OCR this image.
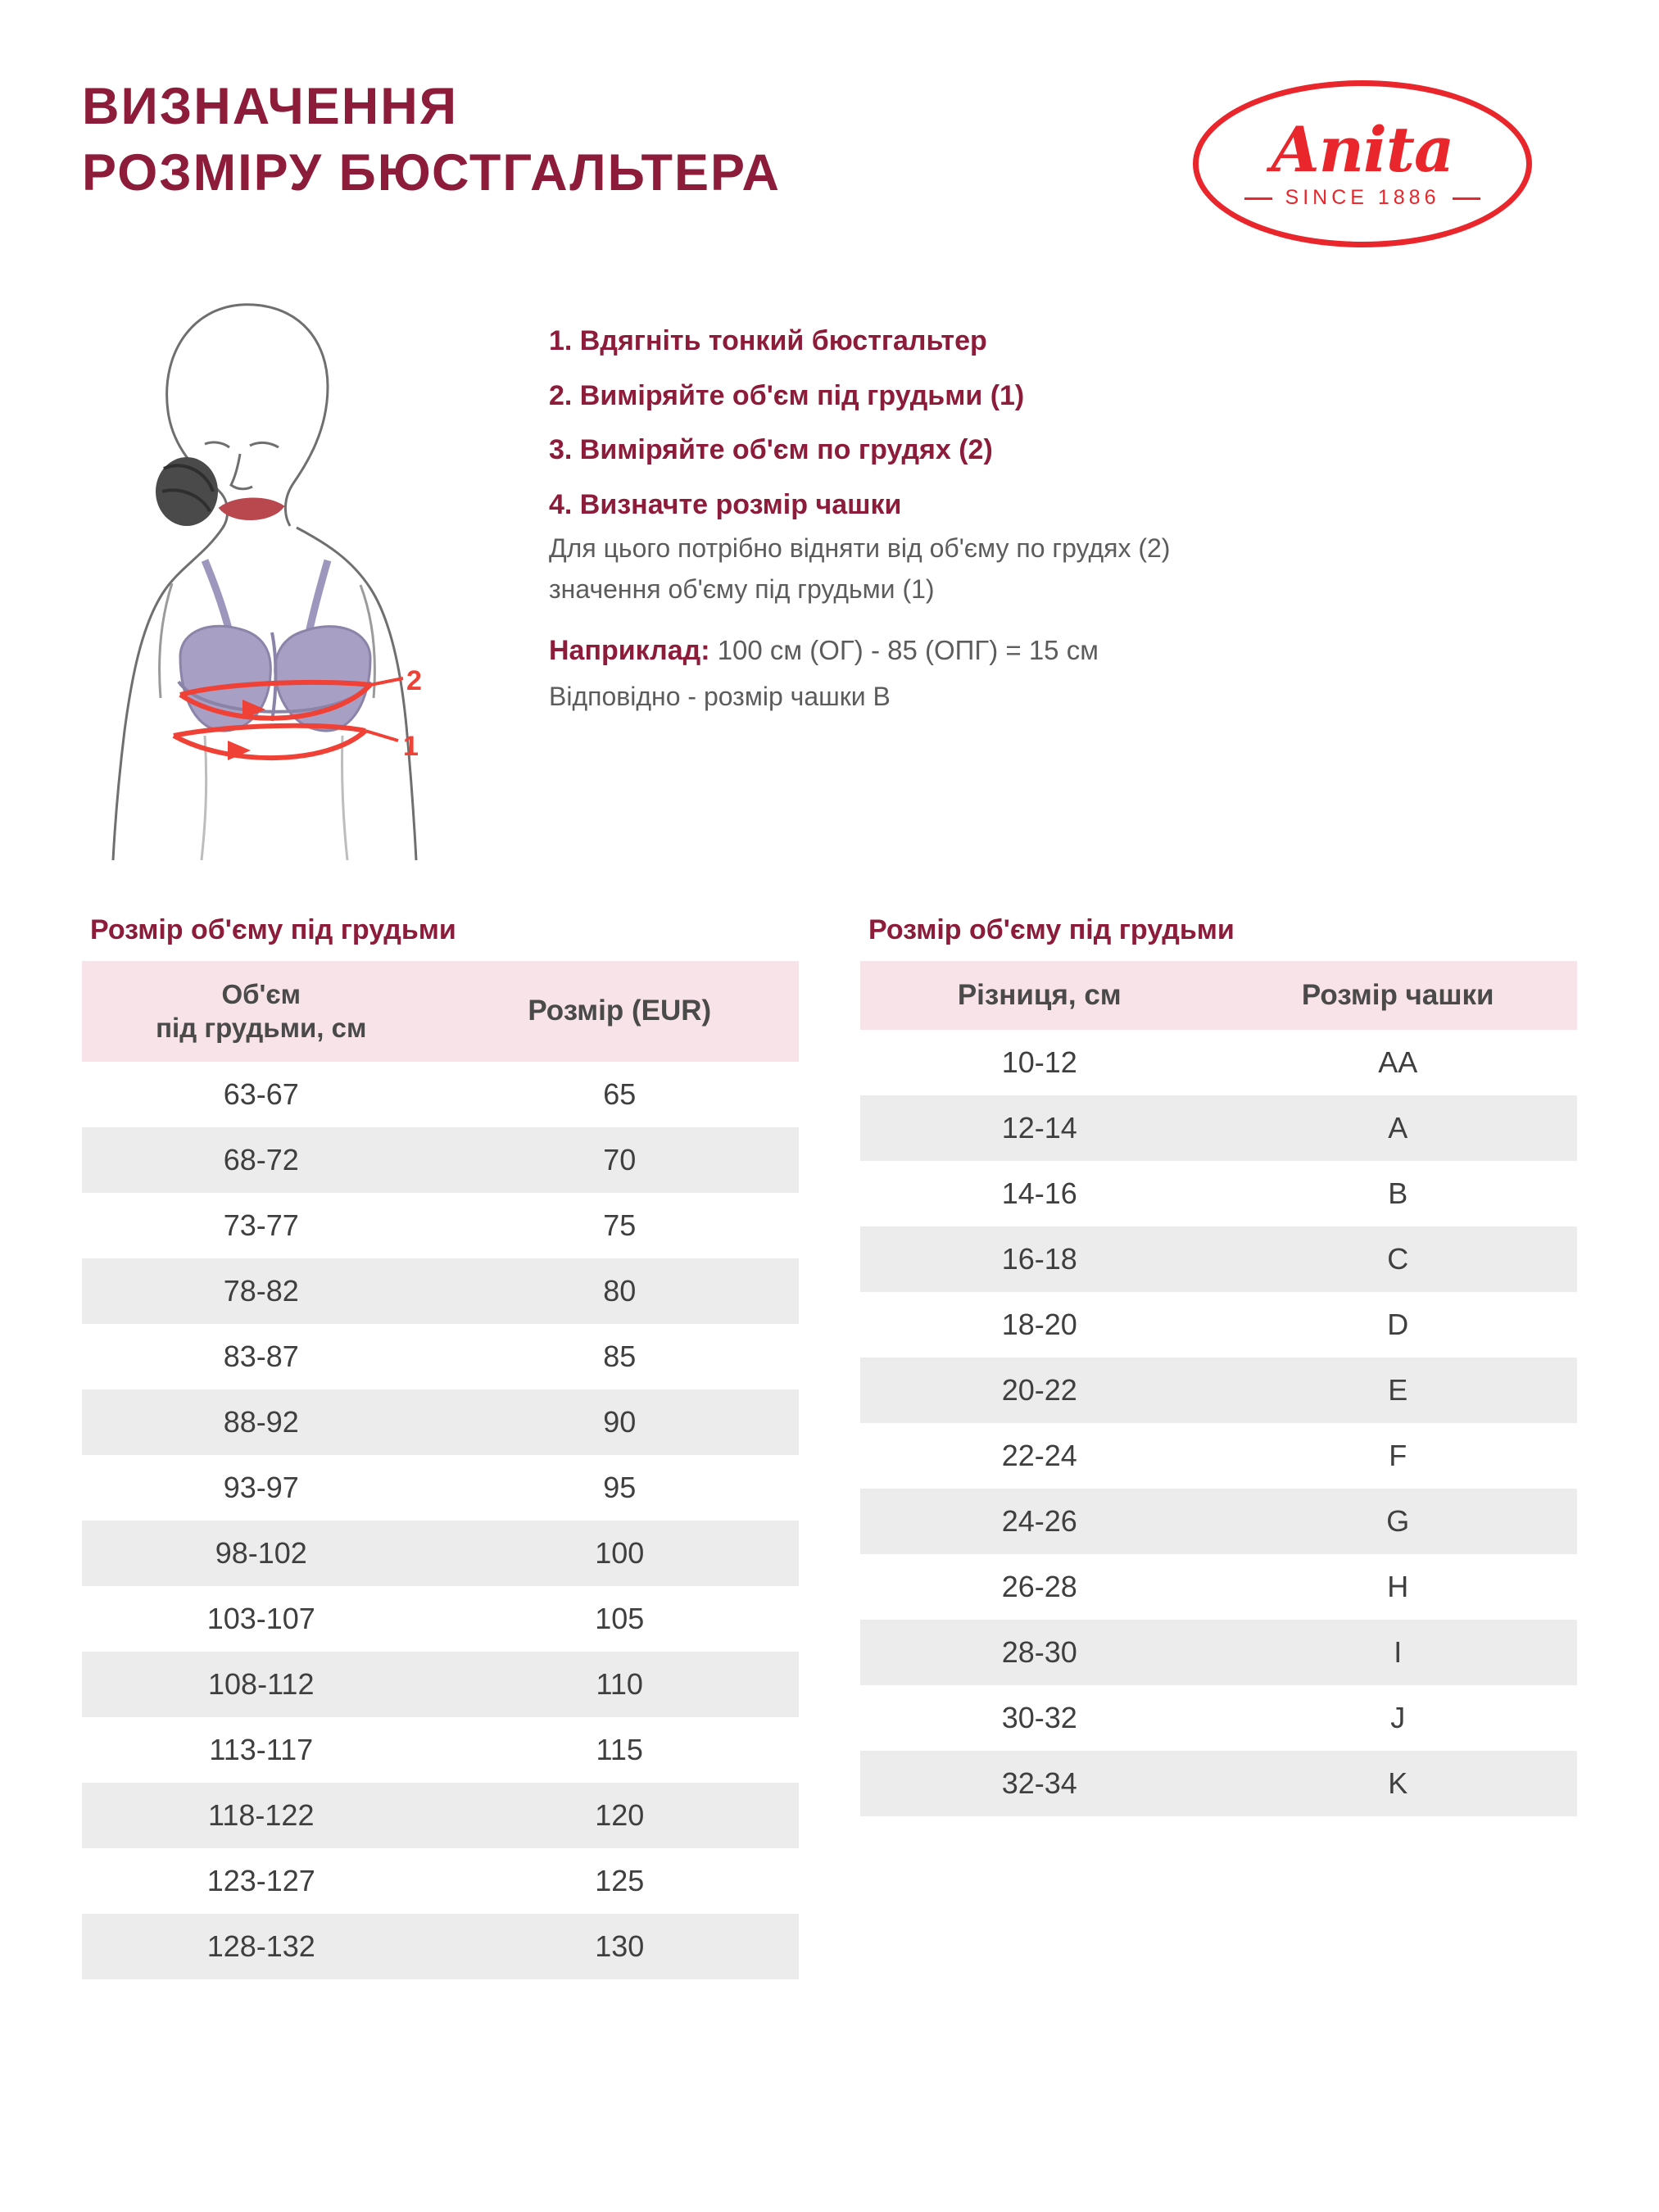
ВИЗНАЧЕННЯ
РОЗМІРУ БЮСТГАЛЬТЕРА	Anita
SINCE 1886
2
1
1. Вдягніть тонкий бюстгальтер
2. Виміряйте об'єм під грудьми (1)
3. Виміряйте об'єм по грудях (2)
4. Визначте розмір чашки
Для цього потрібно відняти від об'єму по грудях (2)
значення об'єму під грудьми (1)
Наприклад: 100 см (ОГ) - 85 (ОПГ) = 15 см
Відповідно - розмір чашки B
Розмір об'єму під грудьми
Об'єм
під грудьми, см	Розмір (EUR)
63-67	65
68-72	70
73-77	75
78-82	80
83-87	85
88-92	90
93-97	95
98-102	100
103-107	105
108-112	110
113-117	115
118-122	120
123-127	125
128-132	130
Розмір об'єму під грудьми
Різниця, см	Розмір чашки
10-12	AA
12-14	A
14-16	B
16-18	C
18-20	D
20-22	E
22-24	F
24-26	G
26-28	H
28-30	I
30-32	J
32-34	K
